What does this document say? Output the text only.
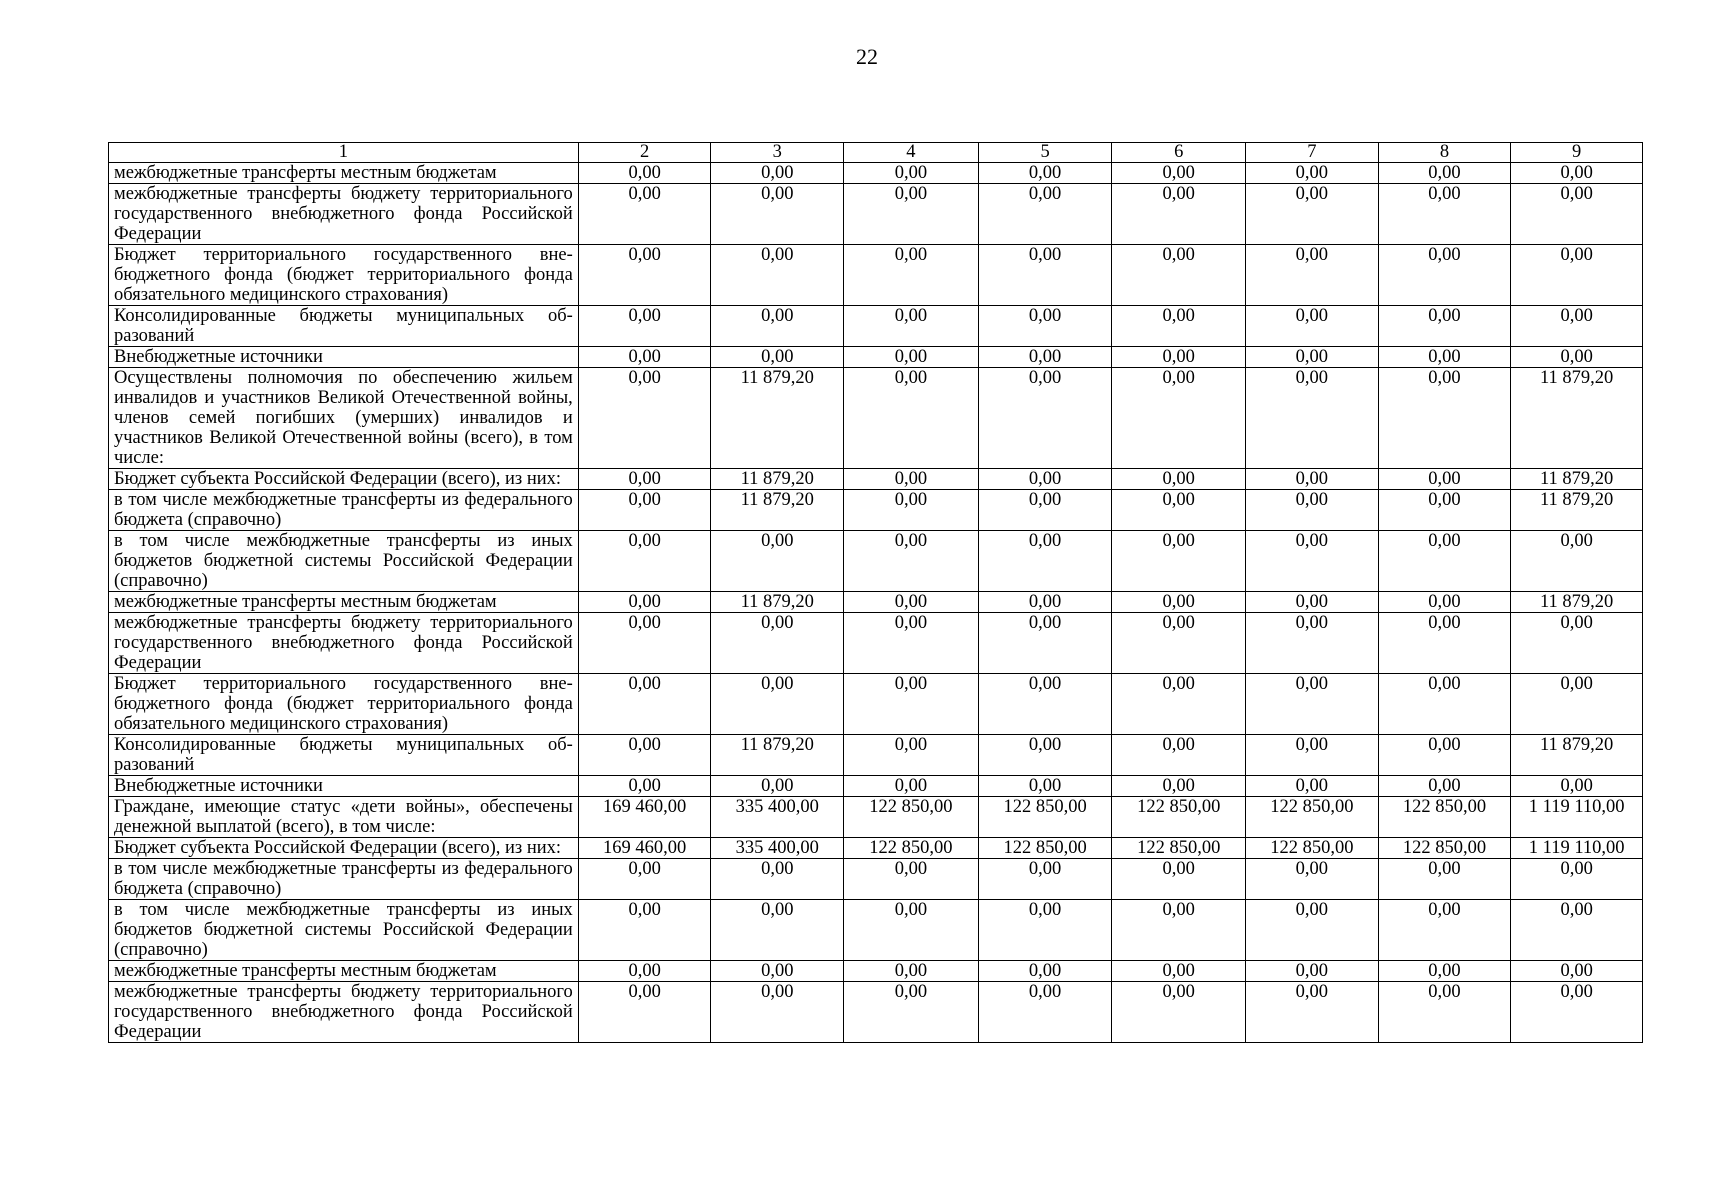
22
1	2	3	4	5	6	7	8	9
межбюджетные трансферты местным бюджетам	0,00	0,00	0,00	0,00	0,00	0,00	0,00	0,00
межбюджетные трансферты бюджету территориального государственного внебюджетного фонда Российской Федерации	0,00	0,00	0,00	0,00	0,00	0,00	0,00	0,00
Бюджет территориального государственного внебюджетного фонда (бюджет территориального фонда обязательного медицинского страхования)	0,00	0,00	0,00	0,00	0,00	0,00	0,00	0,00
Консолидированные бюджеты муниципальных образований	0,00	0,00	0,00	0,00	0,00	0,00	0,00	0,00
Внебюджетные источники	0,00	0,00	0,00	0,00	0,00	0,00	0,00	0,00
Осуществлены полномочия по обеспечению жильем инвалидов и участников Великой Отечественной войны, членов семей погибших (умерших) инвалидов и участников Великой Отечественной войны (всего), в том числе:	0,00	11 879,20	0,00	0,00	0,00	0,00	0,00	11 879,20
Бюджет субъекта Российской Федерации (всего), из них:	0,00	11 879,20	0,00	0,00	0,00	0,00	0,00	11 879,20
в том числе межбюджетные трансферты из федерального бюджета (справочно)	0,00	11 879,20	0,00	0,00	0,00	0,00	0,00	11 879,20
в том числе межбюджетные трансферты из иных бюджетов бюджетной системы Российской Федерации (справочно)	0,00	0,00	0,00	0,00	0,00	0,00	0,00	0,00
межбюджетные трансферты местным бюджетам	0,00	11 879,20	0,00	0,00	0,00	0,00	0,00	11 879,20
межбюджетные трансферты бюджету территориального государственного внебюджетного фонда Российской Федерации	0,00	0,00	0,00	0,00	0,00	0,00	0,00	0,00
Бюджет территориального государственного внебюджетного фонда (бюджет территориального фонда обязательного медицинского страхования)	0,00	0,00	0,00	0,00	0,00	0,00	0,00	0,00
Консолидированные бюджеты муниципальных образований	0,00	11 879,20	0,00	0,00	0,00	0,00	0,00	11 879,20
Внебюджетные источники	0,00	0,00	0,00	0,00	0,00	0,00	0,00	0,00
Граждане, имеющие статус «дети войны», обеспечены денежной выплатой (всего), в том числе:	169 460,00	335 400,00	122 850,00	122 850,00	122 850,00	122 850,00	122 850,00	1 119 110,00
Бюджет субъекта Российской Федерации (всего), из них:	169 460,00	335 400,00	122 850,00	122 850,00	122 850,00	122 850,00	122 850,00	1 119 110,00
в том числе межбюджетные трансферты из федерального бюджета (справочно)	0,00	0,00	0,00	0,00	0,00	0,00	0,00	0,00
в том числе межбюджетные трансферты из иных бюджетов бюджетной системы Российской Федерации (справочно)	0,00	0,00	0,00	0,00	0,00	0,00	0,00	0,00
межбюджетные трансферты местным бюджетам	0,00	0,00	0,00	0,00	0,00	0,00	0,00	0,00
межбюджетные трансферты бюджету территориального государственного внебюджетного фонда Российской Федерации	0,00	0,00	0,00	0,00	0,00	0,00	0,00	0,00
